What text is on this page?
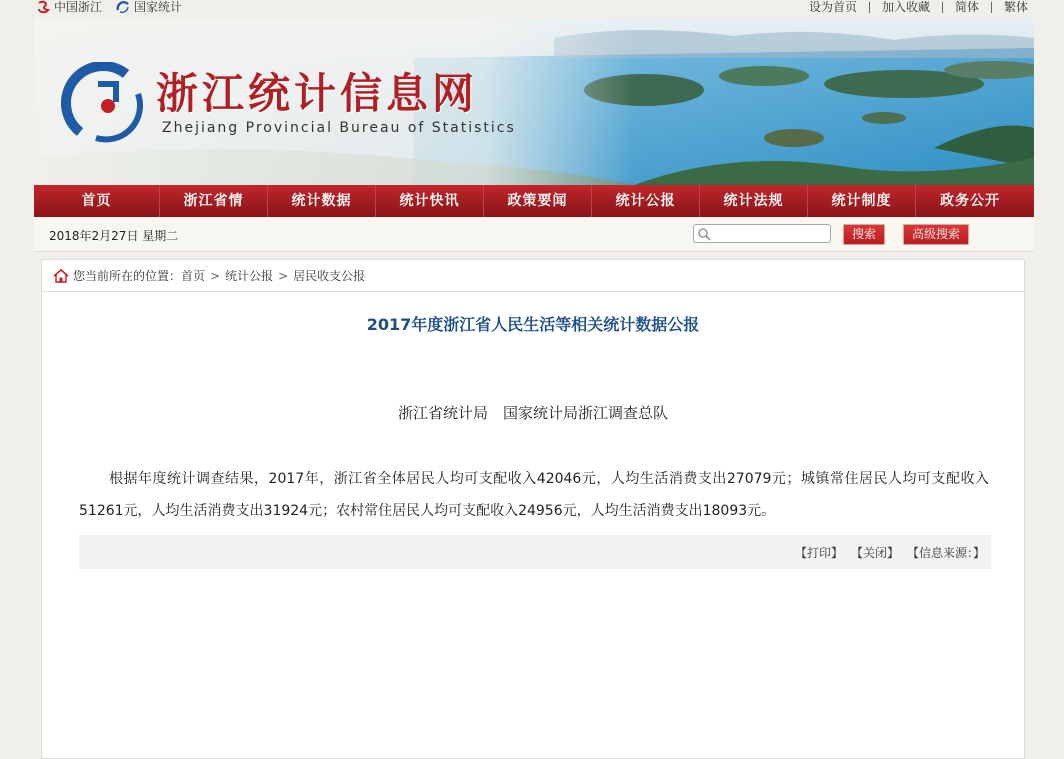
中国浙江	国家统计	设为首页	加入收藏	简体	繁体
浙江统计信息网
Zhejiang Provincial Bureau of Statistics
首页	浙江省情	统计数据	统计快讯	政策要闻	统计公报	统计法规	统计制度	政务公开
2018年2月27日 星期二	搜索	高级搜索
您当前所在的位置： 首页 > 统计公报 > 居民收支公报
2017年度浙江省人民生活等相关统计数据公报
浙江省统计局　国家统计局浙江调查总队
根据年度统计调查结果，2017年，浙江省全体居民人均可支配收入42046元，人均生活消费支出27079元；城镇常住居民人均可支配收入51261元，人均生活消费支出31924元；农村常住居民人均可支配收入24956元，人均生活消费支出18093元。
【打印】 【关闭】 【信息来源：】
